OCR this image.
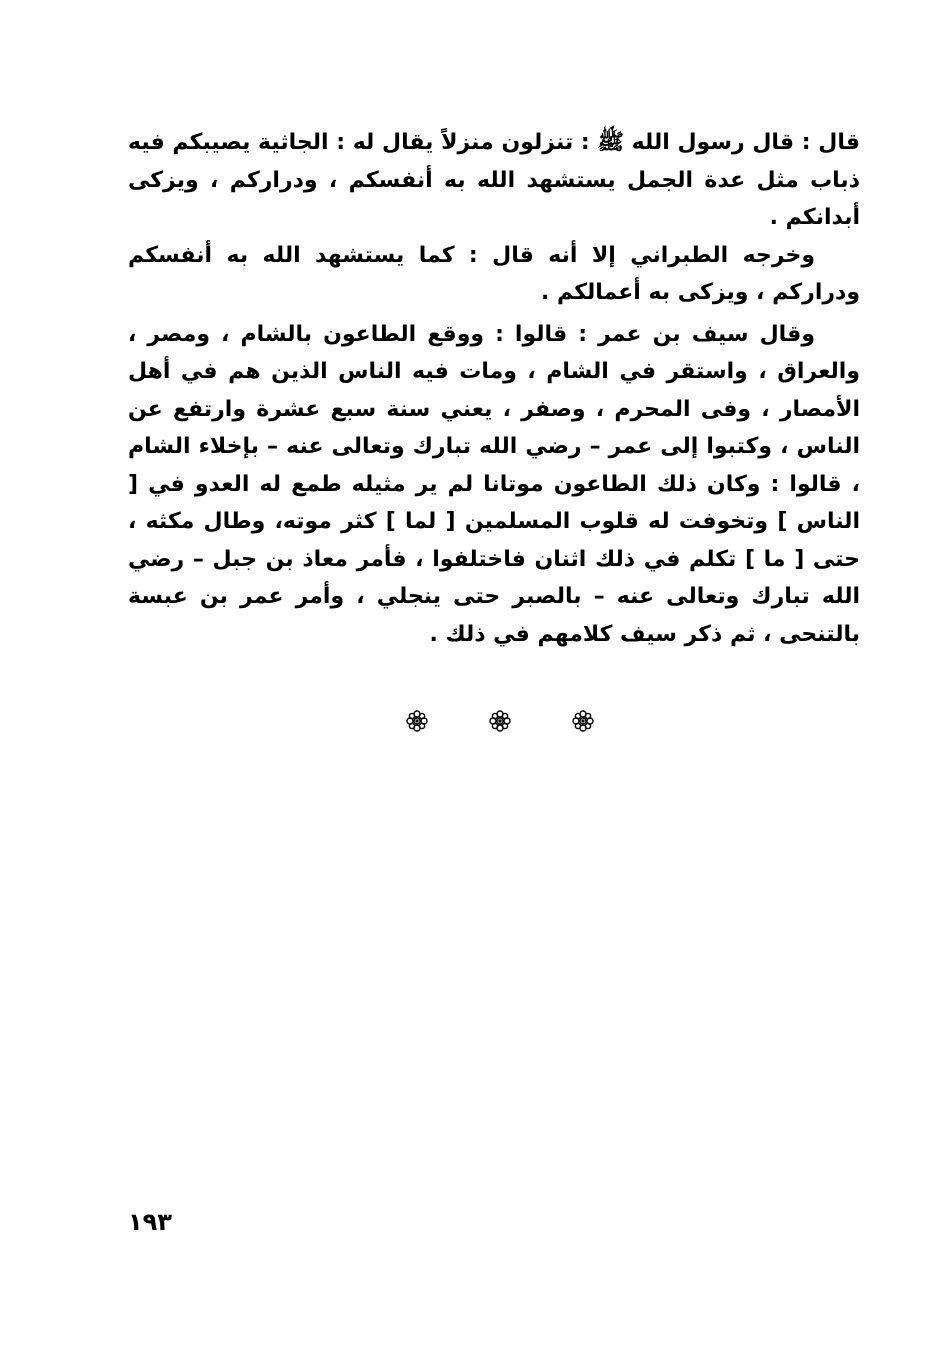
قال : قال رسول الله ﷺ : تنزلون منزلاً يقال له : الجاثية يصيبكم فيه ذباب مثل عدة الجمل يستشهد الله به أنفسكم ، ودراركم ، ويزكى أبدانكم .

وخرجه الطبراني إلا أنه قال : كما يستشهد الله به أنفسكم ودراركم ، ويزكى به أعمالكم .

وقال سيف بن عمر : قالوا : ووقع الطاعون بالشام ، ومصر ، والعراق ، واستقر في الشام ، ومات فيه الناس الذين هم في أهل الأمصار ، وفى المحرم ، وصفر ، يعني سنة سبع عشرة وارتفع عن الناس ، وكتبوا إلى عمر – رضي الله تبارك وتعالى عنه – بإخلاء الشام ، قالوا : وكان ذلك الطاعون موتانا لم ير مثيله طمع له العدو في [ الناس ] وتخوفت له قلوب المسلمين [ لما ] كثر موته، وطال مكثه ، حتى [ ما ] تكلم في ذلك اثنان فاختلفوا ، فأمر معاذ بن جبل – رضي الله تبارك وتعالى عنه – بالصبر حتى ينجلي ، وأمر عمر بن عبسة بالتنحى ، ثم ذكر سيف كلامهم في ذلك .

١٩٣
